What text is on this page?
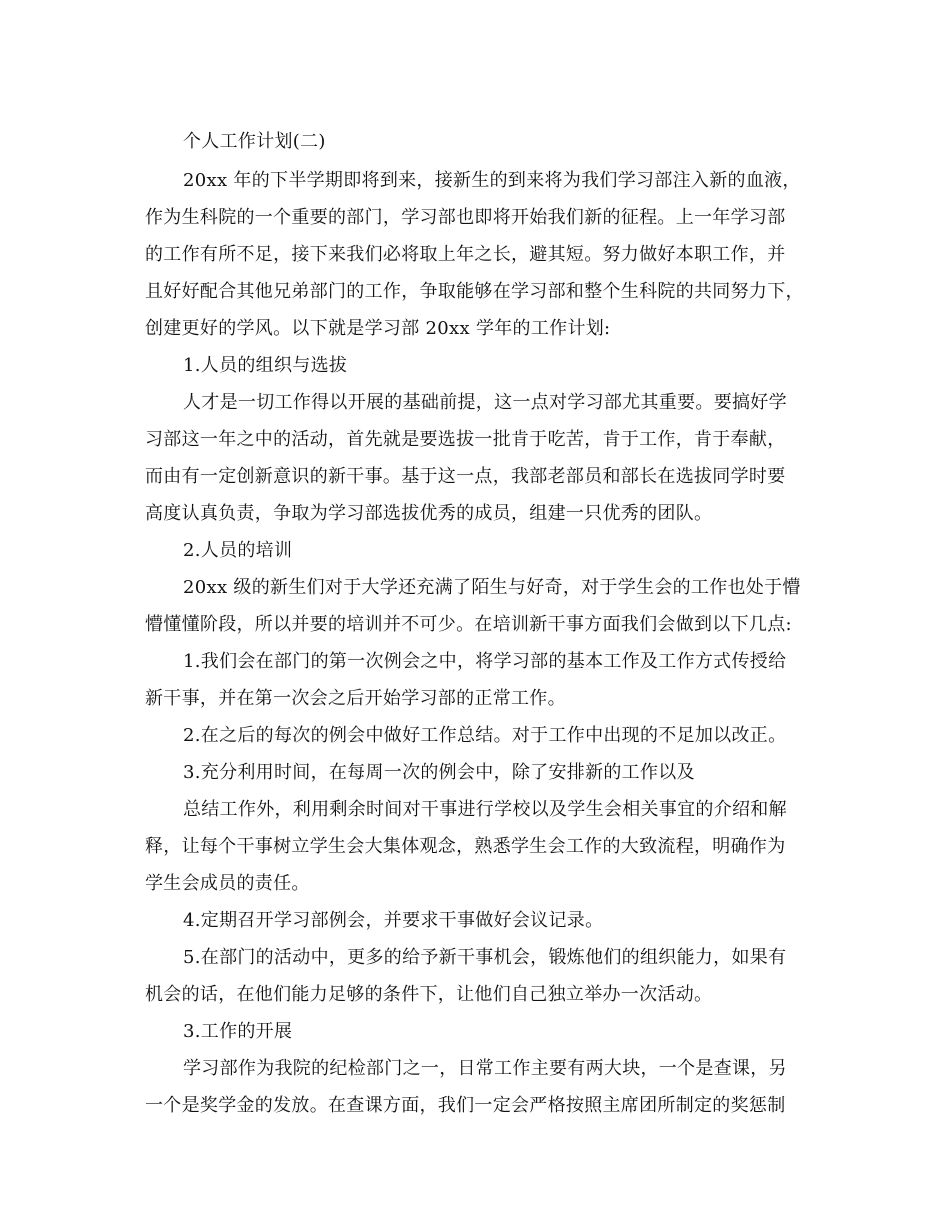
个人工作计划(二)

20xx 年的下半学期即将到来，接新生的到来将为我们学习部注入新的血液，

作为生科院的一个重要的部门，学习部也即将开始我们新的征程。上一年学习部

的工作有所不足，接下来我们必将取上年之长，避其短。努力做好本职工作，并

且好好配合其他兄弟部门的工作，争取能够在学习部和整个生科院的共同努力下，

创建更好的学风。以下就是学习部 20xx 学年的工作计划:

1.人员的组织与选拔

人才是一切工作得以开展的基础前提，这一点对学习部尤其重要。要搞好学

习部这一年之中的活动，首先就是要选拔一批肯于吃苦，肯于工作，肯于奉献，

而由有一定创新意识的新干事。基于这一点，我部老部员和部长在选拔同学时要

高度认真负责，争取为学习部选拔优秀的成员，组建一只优秀的团队。

2.人员的培训

20xx 级的新生们对于大学还充满了陌生与好奇，对于学生会的工作也处于懵

懵懂懂阶段，所以并要的培训并不可少。在培训新干事方面我们会做到以下几点:

1.我们会在部门的第一次例会之中，将学习部的基本工作及工作方式传授给

新干事，并在第一次会之后开始学习部的正常工作。

2.在之后的每次的例会中做好工作总结。对于工作中出现的不足加以改正。

3.充分利用时间，在每周一次的例会中，除了安排新的工作以及

总结工作外，利用剩余时间对干事进行学校以及学生会相关事宜的介绍和解

释，让每个干事树立学生会大集体观念，熟悉学生会工作的大致流程，明确作为

学生会成员的责任。

4.定期召开学习部例会，并要求干事做好会议记录。

5.在部门的活动中，更多的给予新干事机会，锻炼他们的组织能力，如果有

机会的话，在他们能力足够的条件下，让他们自己独立举办一次活动。

3.工作的开展

学习部作为我院的纪检部门之一，日常工作主要有两大块，一个是查课，另

一个是奖学金的发放。在查课方面，我们一定会严格按照主席团所制定的奖惩制
